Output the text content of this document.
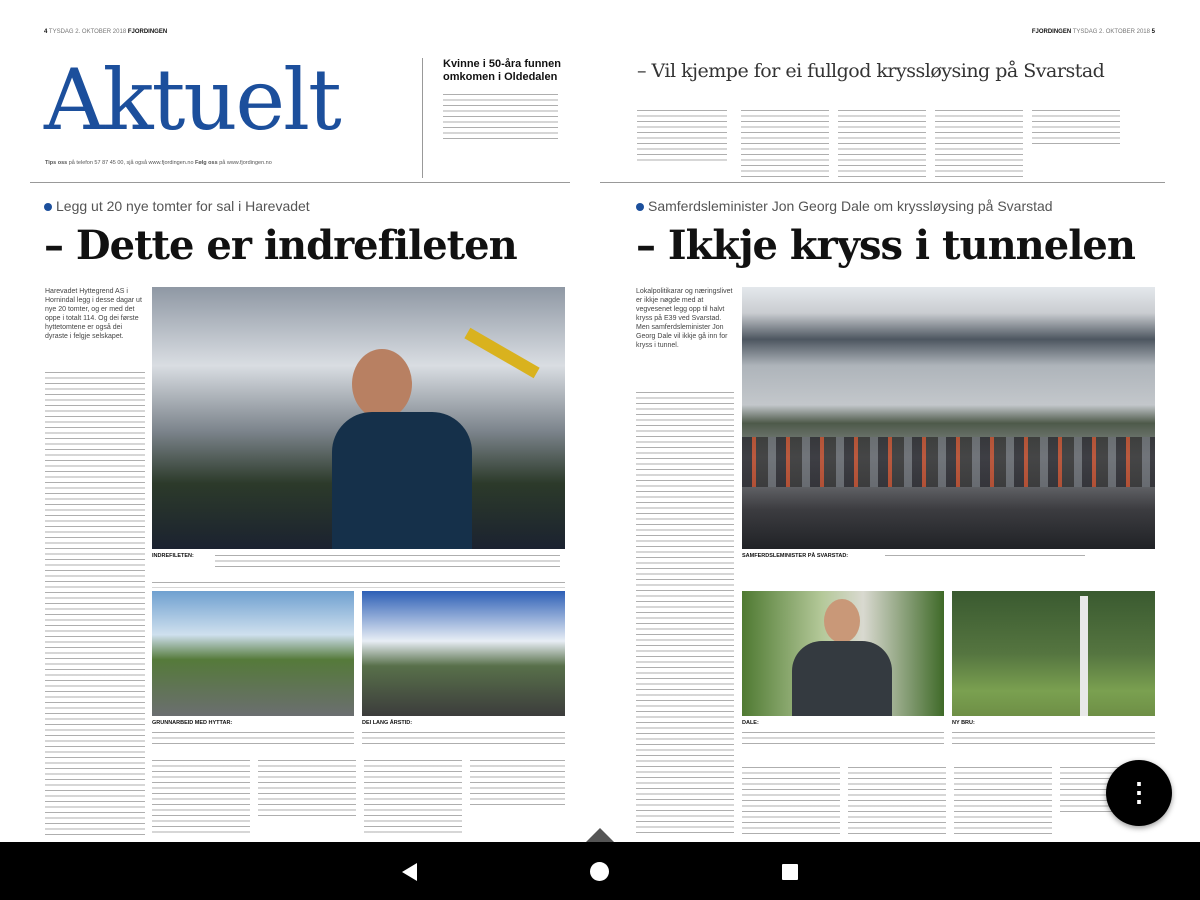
4 TYSDAG 2. OKTOBER 2018 FJORDINGEN
Aktuelt
Tips oss på telefon 57 87 45 00, sjå også www.fjordingen.no Følg oss på www.fjordingen.no
Kvinne i 50-åra funnen omkomen i Oldedalen
Legg ut 20 nye tomter for sal i Harevadet
– Dette er indrefileten
Harevadet Hyttegrend AS i Hornindal legg i desse dagar ut nye 20 tomter, og er med det oppe i totalt 114. Og dei første hyttetomtene er også dei dyraste i felgje selskapet.
INDREFILETEN:
GRUNNARBEID MED HYTTAR:	DEI LANG ÅRSTID:
FJORDINGEN TYSDAG 2. OKTOBER 2018 5
– Vil kjempe for ei fullgod kryssløysing på Svarstad
Samferdsleminister Jon Georg Dale om kryssløysing på Svarstad
– Ikkje kryss i tunnelen
Lokalpolitikarar og næringslivet er ikkje nøgde med at vegvesenet legg opp til halvt kryss på E39 ved Svarstad. Men samferdsleminister Jon Georg Dale vil ikkje gå inn for kryss i tunnel.
SAMFERDSLEMINISTER PÅ SVARSTAD:
DALE:	NY BRU:
⋮
